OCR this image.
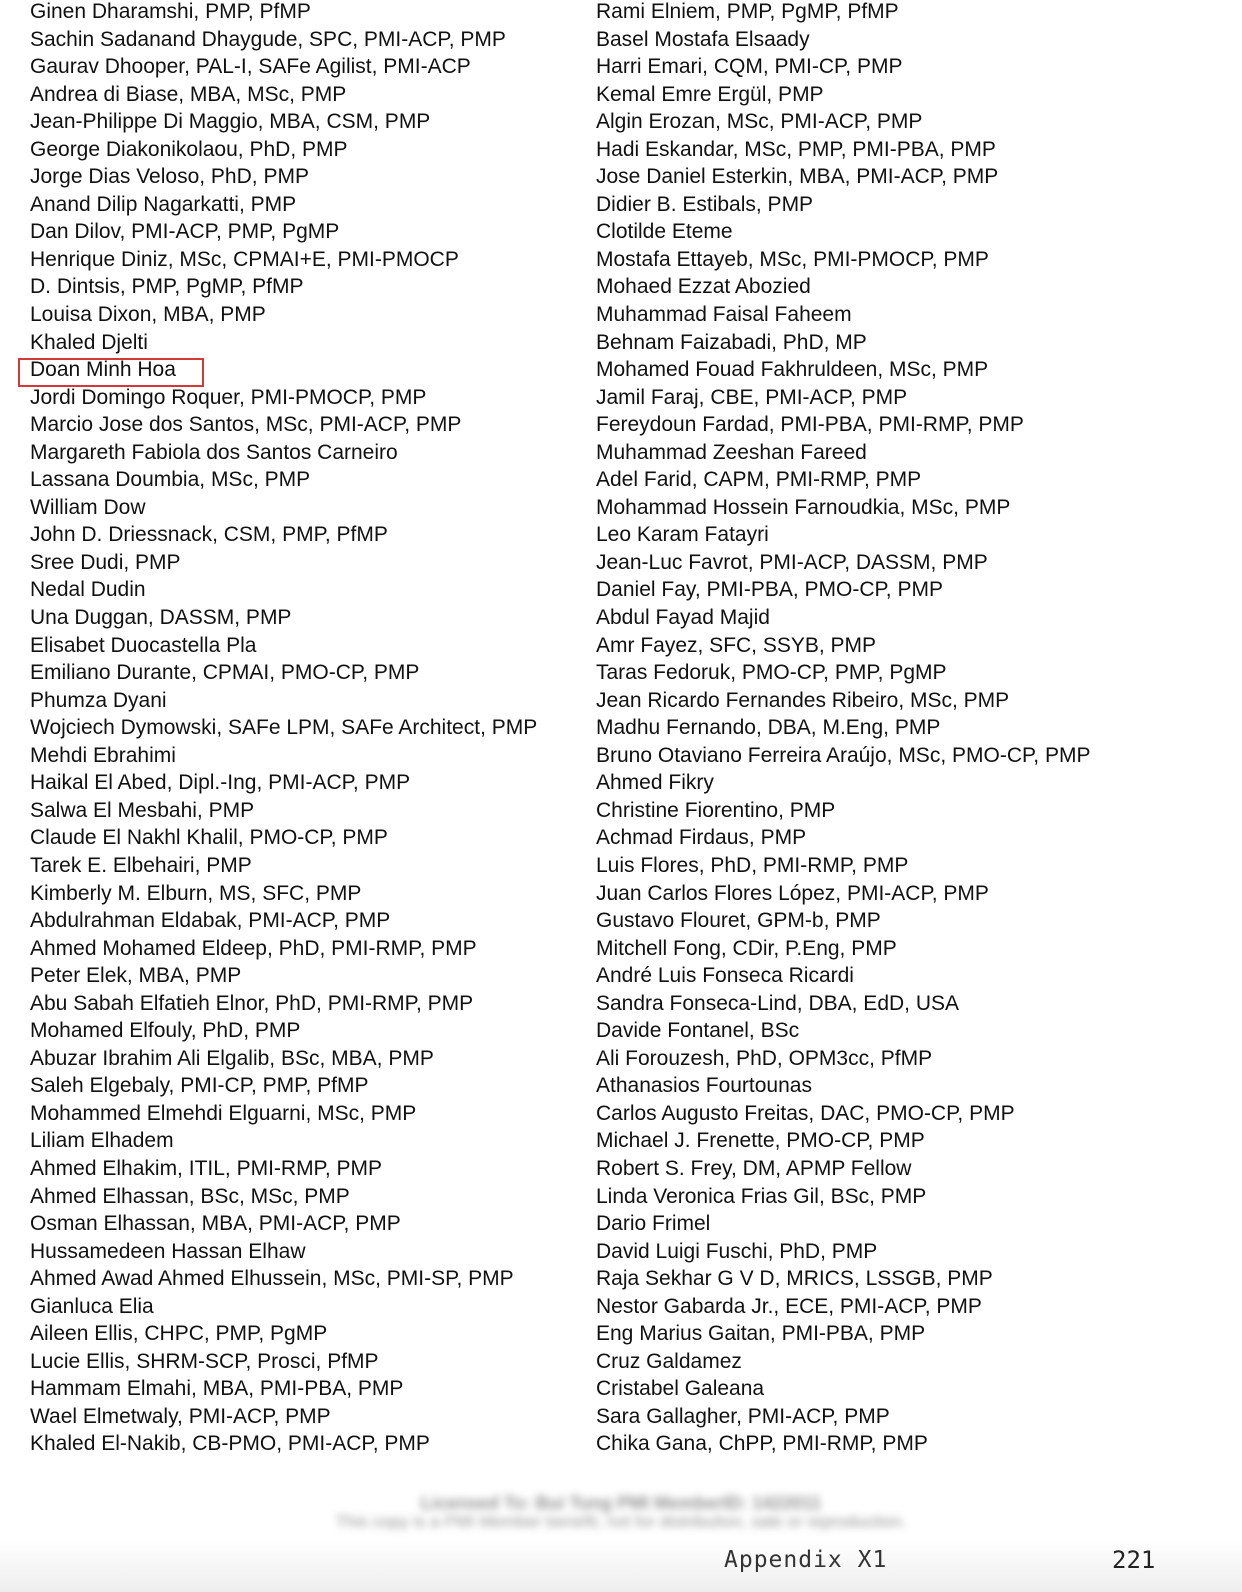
Ginen Dharamshi, PMP, PfMP
Sachin Sadanand Dhaygude, SPC, PMI-ACP, PMP
Gaurav Dhooper, PAL-I, SAFe Agilist, PMI-ACP
Andrea di Biase, MBA, MSc, PMP
Jean-Philippe Di Maggio, MBA, CSM, PMP
George Diakonikolaou, PhD, PMP
Jorge Dias Veloso, PhD, PMP
Anand Dilip Nagarkatti, PMP
Dan Dilov, PMI-ACP, PMP, PgMP
Henrique Diniz, MSc, CPMAI+E, PMI-PMOCP
D. Dintsis, PMP, PgMP, PfMP
Louisa Dixon, MBA, PMP
Khaled Djelti
Doan Minh Hoa
Jordi Domingo Roquer, PMI-PMOCP, PMP
Marcio Jose dos Santos, MSc, PMI-ACP, PMP
Margareth Fabiola dos Santos Carneiro
Lassana Doumbia, MSc, PMP
William Dow
John D. Driessnack, CSM, PMP, PfMP
Sree Dudi, PMP
Nedal Dudin
Una Duggan, DASSM, PMP
Elisabet Duocastella Pla
Emiliano Durante, CPMAI, PMO-CP, PMP
Phumza Dyani
Wojciech Dymowski, SAFe LPM, SAFe Architect, PMP
Mehdi Ebrahimi
Haikal El Abed, Dipl.-Ing, PMI-ACP, PMP
Salwa El Mesbahi, PMP
Claude El Nakhl Khalil, PMO-CP, PMP
Tarek E. Elbehairi, PMP
Kimberly M. Elburn, MS, SFC, PMP
Abdulrahman Eldabak, PMI-ACP, PMP
Ahmed Mohamed Eldeep, PhD, PMI-RMP, PMP
Peter Elek, MBA, PMP
Abu Sabah Elfatieh Elnor, PhD, PMI-RMP, PMP
Mohamed Elfouly, PhD, PMP
Abuzar Ibrahim Ali Elgalib, BSc, MBA, PMP
Saleh Elgebaly, PMI-CP, PMP, PfMP
Mohammed Elmehdi Elguarni, MSc, PMP
Liliam Elhadem
Ahmed Elhakim, ITIL, PMI-RMP, PMP
Ahmed Elhassan, BSc, MSc, PMP
Osman Elhassan, MBA, PMI-ACP, PMP
Hussamedeen Hassan Elhaw
Ahmed Awad Ahmed Elhussein, MSc, PMI-SP, PMP
Gianluca Elia
Aileen Ellis, CHPC, PMP, PgMP
Lucie Ellis, SHRM-SCP, Prosci, PfMP
Hammam Elmahi, MBA, PMI-PBA, PMP
Wael Elmetwaly, PMI-ACP, PMP
Khaled El-Nakib, CB-PMO, PMI-ACP, PMP
Rami Elniem, PMP, PgMP, PfMP
Basel Mostafa Elsaady
Harri Emari, CQM, PMI-CP, PMP
Kemal Emre Ergül, PMP
Algin Erozan, MSc, PMI-ACP, PMP
Hadi Eskandar, MSc, PMP, PMI-PBA, PMP
Jose Daniel Esterkin, MBA, PMI-ACP, PMP
Didier B. Estibals, PMP
Clotilde Eteme
Mostafa Ettayeb, MSc, PMI-PMOCP, PMP
Mohaed Ezzat Abozied
Muhammad Faisal Faheem
Behnam Faizabadi, PhD, MP
Mohamed Fouad Fakhruldeen, MSc, PMP
Jamil Faraj, CBE, PMI-ACP, PMP
Fereydoun Fardad, PMI-PBA, PMI-RMP, PMP
Muhammad Zeeshan Fareed
Adel Farid, CAPM, PMI-RMP, PMP
Mohammad Hossein Farnoudkia, MSc, PMP
Leo Karam Fatayri
Jean-Luc Favrot, PMI-ACP, DASSM, PMP
Daniel Fay, PMI-PBA, PMO-CP, PMP
Abdul Fayad Majid
Amr Fayez, SFC, SSYB, PMP
Taras Fedoruk, PMO-CP, PMP, PgMP
Jean Ricardo Fernandes Ribeiro, MSc, PMP
Madhu Fernando, DBA, M.Eng, PMP
Bruno Otaviano Ferreira Araújo, MSc, PMO-CP, PMP
Ahmed Fikry
Christine Fiorentino, PMP
Achmad Firdaus, PMP
Luis Flores, PhD, PMI-RMP, PMP
Juan Carlos Flores López, PMI-ACP, PMP
Gustavo Flouret, GPM-b, PMP
Mitchell Fong, CDir, P.Eng, PMP
André Luis Fonseca Ricardi
Sandra Fonseca-Lind, DBA, EdD, USA
Davide Fontanel, BSc
Ali Forouzesh, PhD, OPM3cc, PfMP
Athanasios Fourtounas
Carlos Augusto Freitas, DAC, PMO-CP, PMP
Michael J. Frenette, PMO-CP, PMP
Robert S. Frey, DM, APMP Fellow
Linda Veronica Frias Gil, BSc, PMP
Dario Frimel
David Luigi Fuschi, PhD, PMP
Raja Sekhar G V D, MRICS, LSSGB, PMP
Nestor Gabarda Jr., ECE, PMI-ACP, PMP
Eng Marius Gaitan, PMI-PBA, PMP
Cruz Galdamez
Cristabel Galeana
Sara Gallagher, PMI-ACP, PMP
Chika Gana, ChPP, PMI-RMP, PMP
Licensed To: Bui Tung PMI MemberID: 1422011
This copy is a PMI Member benefit, not for distribution, sale or reproduction.
Appendix X1	221
